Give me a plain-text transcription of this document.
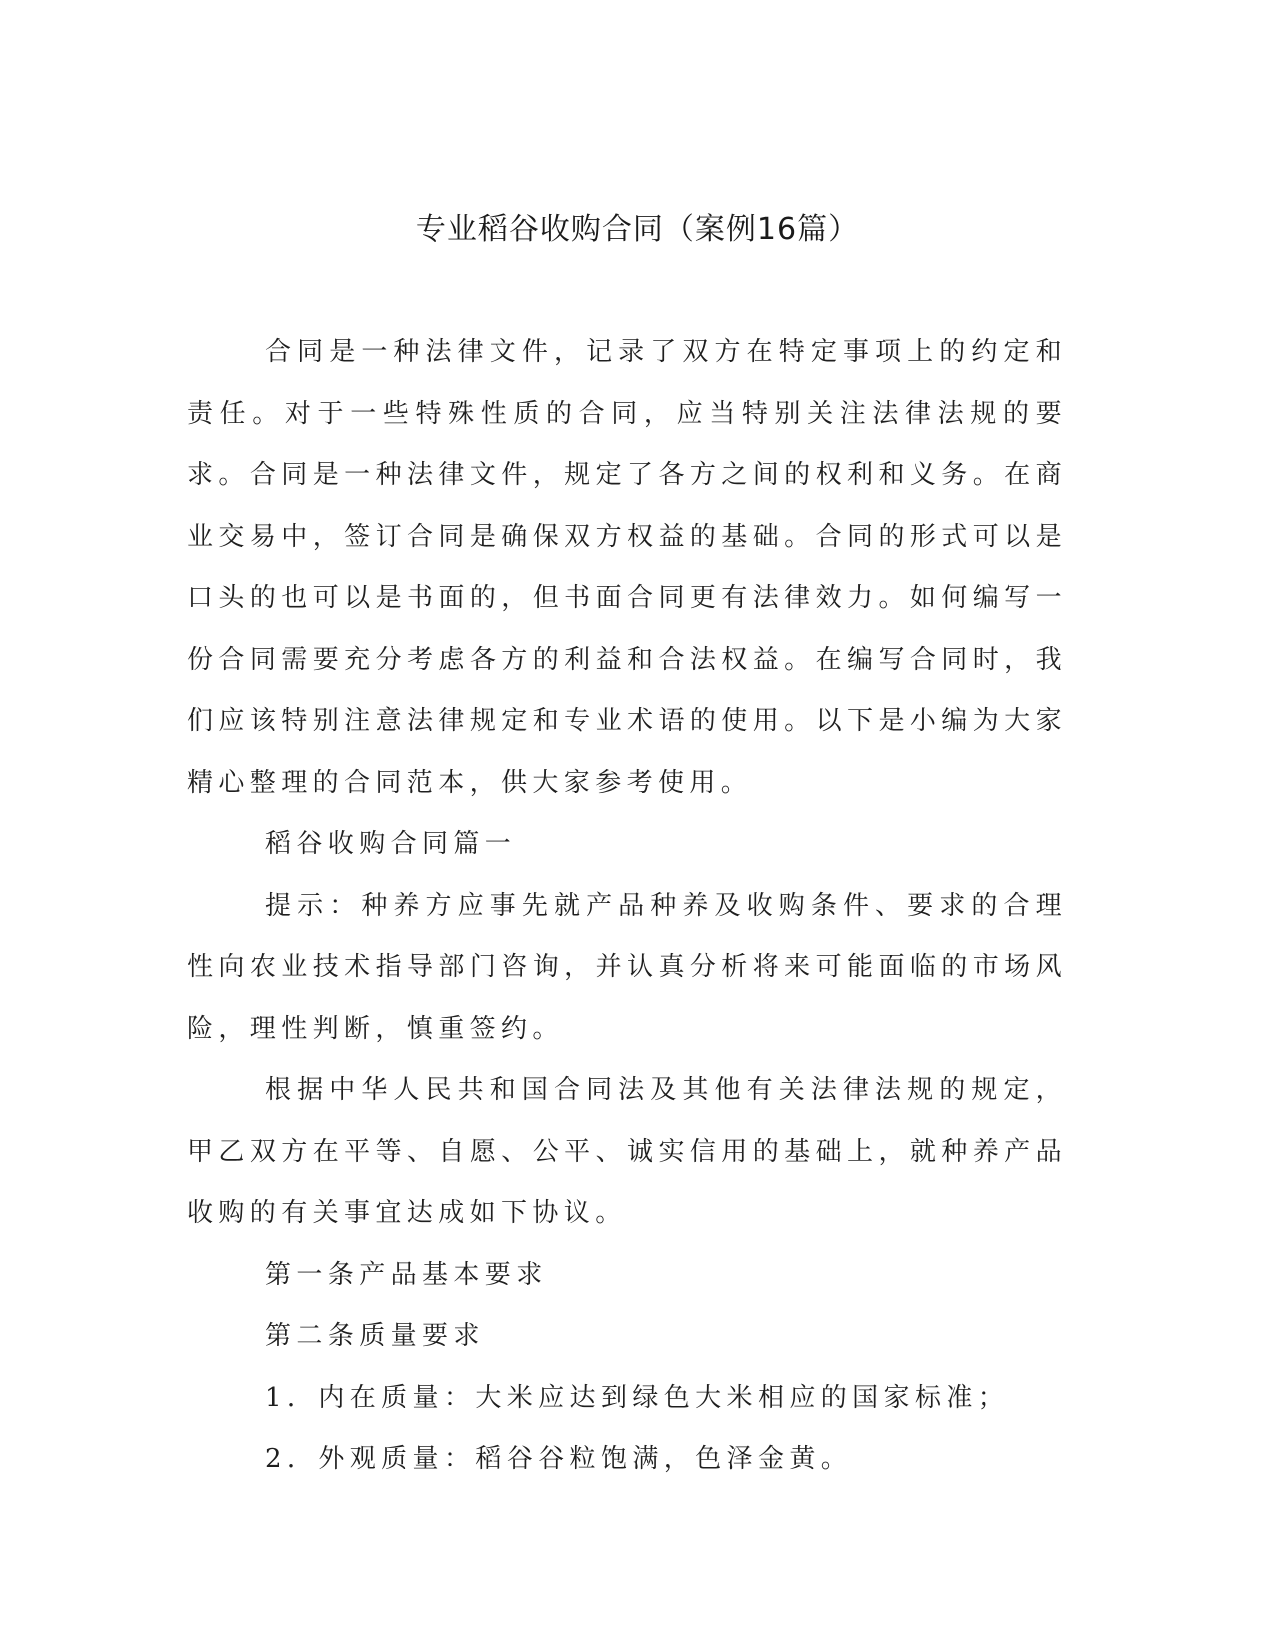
专业稻谷收购合同（案例16篇）

合同是一种法律文件，记录了双方在特定事项上的约定和责任。对于一些特殊性质的合同，应当特别关注法律法规的要求。合同是一种法律文件，规定了各方之间的权利和义务。在商业交易中，签订合同是确保双方权益的基础。合同的形式可以是口头的也可以是书面的，但书面合同更有法律效力。如何编写一份合同需要充分考虑各方的利益和合法权益。在编写合同时，我们应该特别注意法律规定和专业术语的使用。以下是小编为大家精心整理的合同范本，供大家参考使用。

稻谷收购合同篇一

提示：种养方应事先就产品种养及收购条件、要求的合理性向农业技术指导部门咨询，并认真分析将来可能面临的市场风险，理性判断，慎重签约。

根据中华人民共和国合同法及其他有关法律法规的规定，甲乙双方在平等、自愿、公平、诚实信用的基础上，就种养产品收购的有关事宜达成如下协议。

第一条产品基本要求

第二条质量要求

1．内在质量：大米应达到绿色大米相应的国家标准；

2．外观质量：稻谷谷粒饱满，色泽金黄。
